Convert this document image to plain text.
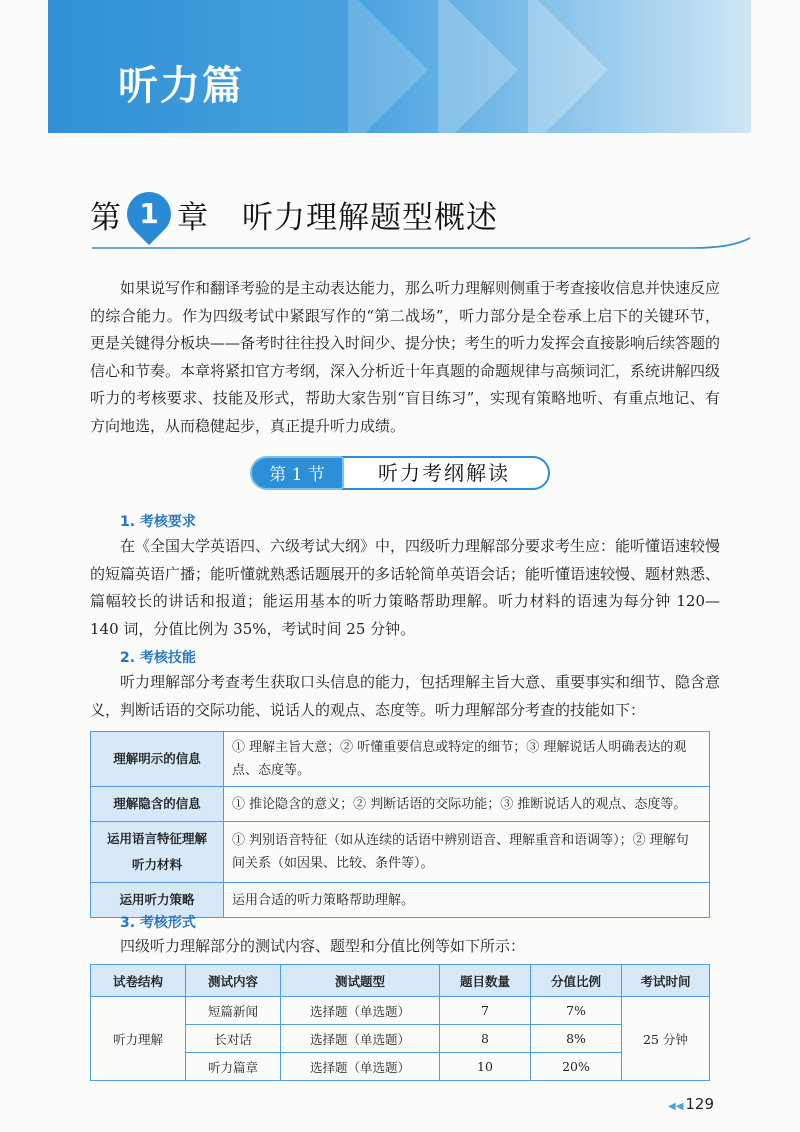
听力篇
第 1 章 听力理解题型概述
如果说写作和翻译考验的是主动表达能力，那么听力理解则侧重于考查接收信息并快速反应的综合能力。作为四级考试中紧跟写作的“第二战场”，听力部分是全卷承上启下的关键环节，更是关键得分板块——备考时往往投入时间少、提分快；考生的听力发挥会直接影响后续答题的信心和节奏。本章将紧扣官方考纲，深入分析近十年真题的命题规律与高频词汇，系统讲解四级听力的考核要求、技能及形式，帮助大家告别“盲目练习”，实现有策略地听、有重点地记、有方向地选，从而稳健起步，真正提升听力成绩。
听力考纲解读
第 1 节
1. 考核要求
在《全国大学英语四、六级考试大纲》中，四级听力理解部分要求考生应：能听懂语速较慢的短篇英语广播；能听懂就熟悉话题展开的多话轮简单英语会话；能听懂语速较慢、题材熟悉、篇幅较长的讲话和报道；能运用基本的听力策略帮助理解。听力材料的语速为每分钟 120—140 词，分值比例为 35%，考试时间 25 分钟。
2. 考核技能
听力理解部分考查考生获取口头信息的能力，包括理解主旨大意、重要事实和细节、隐含意义，判断话语的交际功能、说话人的观点、态度等。听力理解部分考查的技能如下：
理解明示的信息	① 理解主旨大意；② 听懂重要信息或特定的细节；③ 理解说话人明确表达的观点、态度等。
理解隐含的信息	① 推论隐含的意义；② 判断话语的交际功能；③ 推断说话人的观点、态度等。
运用语言特征理解听力材料	① 判别语音特征（如从连续的话语中辨别语音、理解重音和语调等）；② 理解句间关系（如因果、比较、条件等）。
运用听力策略	运用合适的听力策略帮助理解。
3. 考核形式
四级听力理解部分的测试内容、题型和分值比例等如下所示：
试卷结构	测试内容	测试题型	题目数量	分值比例	考试时间
听力理解	短篇新闻	选择题（单选题）	7	7%	25 分钟
	长对话	选择题（单选题）	8	8%	
	听力篇章	选择题（单选题）	10	20%	
◀◀ 129
